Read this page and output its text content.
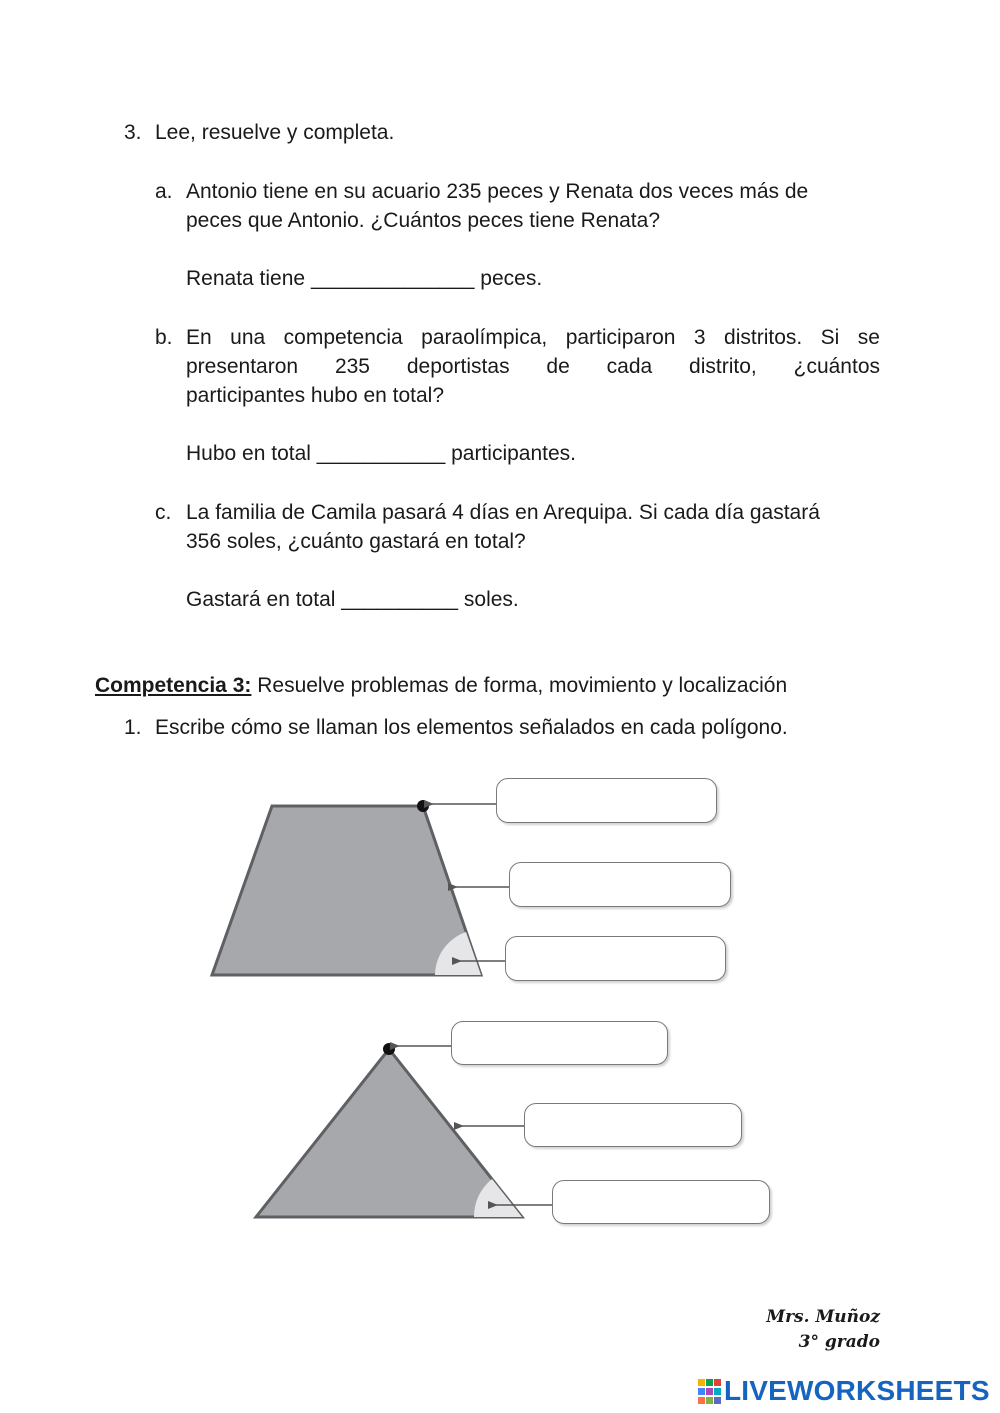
3. Lee, resuelve y completa.
a. Antonio tiene en su acuario 235 peces y Renata dos veces más de
peces que Antonio. ¿Cuántos peces tiene Renata?
Renata tiene ______________ peces.
b. En una competencia paraolímpica, participaron 3 distritos. Si se
presentaron 235 deportistas de cada distrito, ¿cuántos
participantes hubo en total?
Hubo en total ___________ participantes.
c. La familia de Camila pasará 4 días en Arequipa. Si cada día gastará
356 soles, ¿cuánto gastará en total?
Gastará en total __________ soles.
Competencia 3: Resuelve problemas de forma, movimiento y localización
1. Escribe cómo se llaman los elementos señalados en cada polígono.
Mrs. Muñoz
3° grado
LIVEWORKSHEETS
